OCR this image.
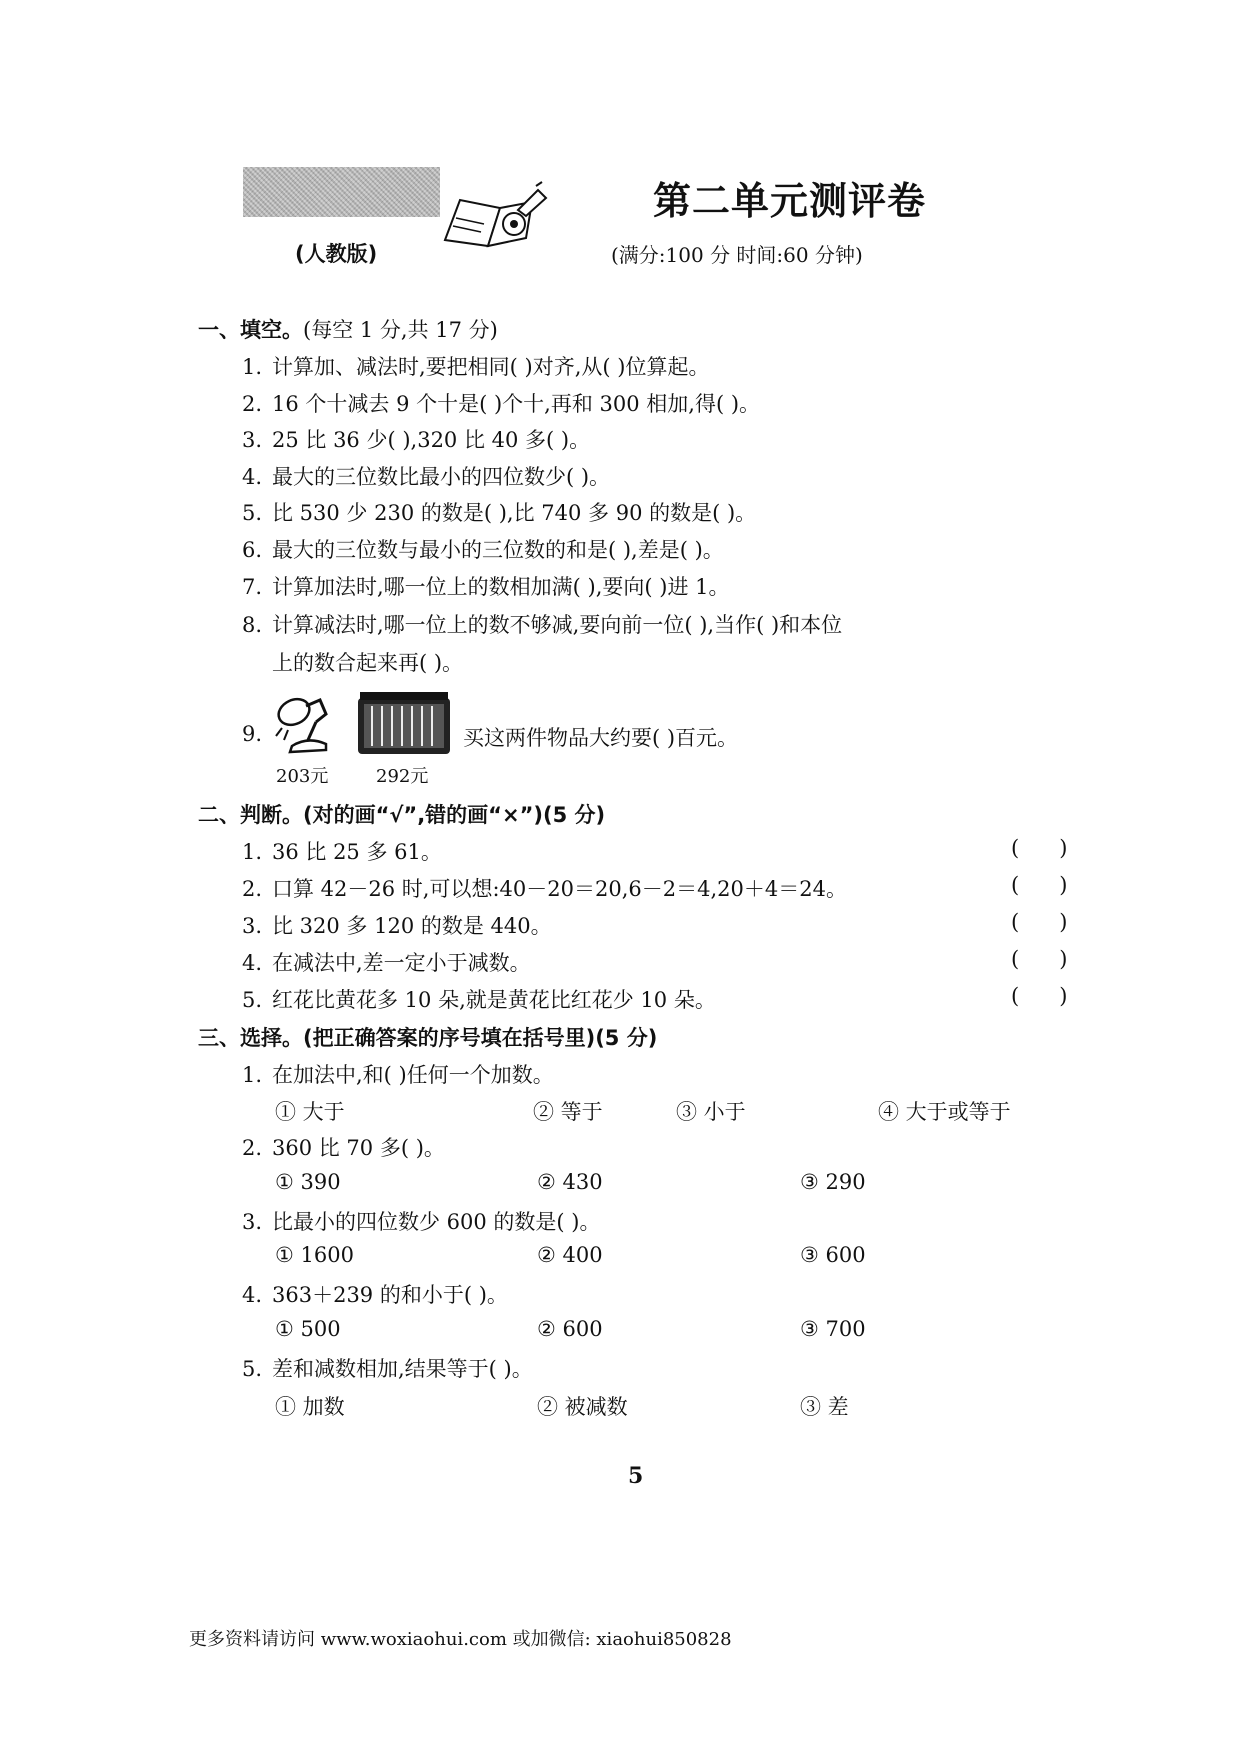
(人教版)
第二单元测评卷
(满分:100 分 时间:60 分钟)
一、填空。(每空 1 分,共 17 分)
1. 计算加、减法时,要把相同( )对齐,从( )位算起。
2. 16 个十减去 9 个十是( )个十,再和 300 相加,得( )。
3. 25 比 36 少( ),320 比 40 多( )。
4. 最大的三位数比最小的四位数少( )。
5. 比 530 少 230 的数是( ),比 740 多 90 的数是( )。
6. 最大的三位数与最小的三位数的和是( ),差是( )。
7. 计算加法时,哪一位上的数相加满( ),要向( )进 1。
8. 计算减法时,哪一位上的数不够减,要向前一位( ),当作( )和本位
上的数合起来再( )。
9.	买这两件物品大约要( )百元。
203元	292元
二、判断。(对的画“√”,错的画“×”)(5 分)
1. 36 比 25 多 61。	(      )
2. 口算 42－26 时,可以想:40－20＝20,6－2＝4,20＋4＝24。	(      )
3. 比 320 多 120 的数是 440。	(      )
4. 在减法中,差一定小于减数。	(      )
5. 红花比黄花多 10 朵,就是黄花比红花少 10 朵。	(      )
三、选择。(把正确答案的序号填在括号里)(5 分)
1. 在加法中,和( )任何一个加数。
① 大于	② 等于	③ 小于	④ 大于或等于
2. 360 比 70 多( )。
① 390	② 430	③ 290
3. 比最小的四位数少 600 的数是( )。
① 1600	② 400	③ 600
4. 363＋239 的和小于( )。
① 500	② 600	③ 700
5. 差和减数相加,结果等于( )。
① 加数	② 被减数	③ 差
5
更多资料请访问 www.woxiaohui.com 或加微信: xiaohui850828
